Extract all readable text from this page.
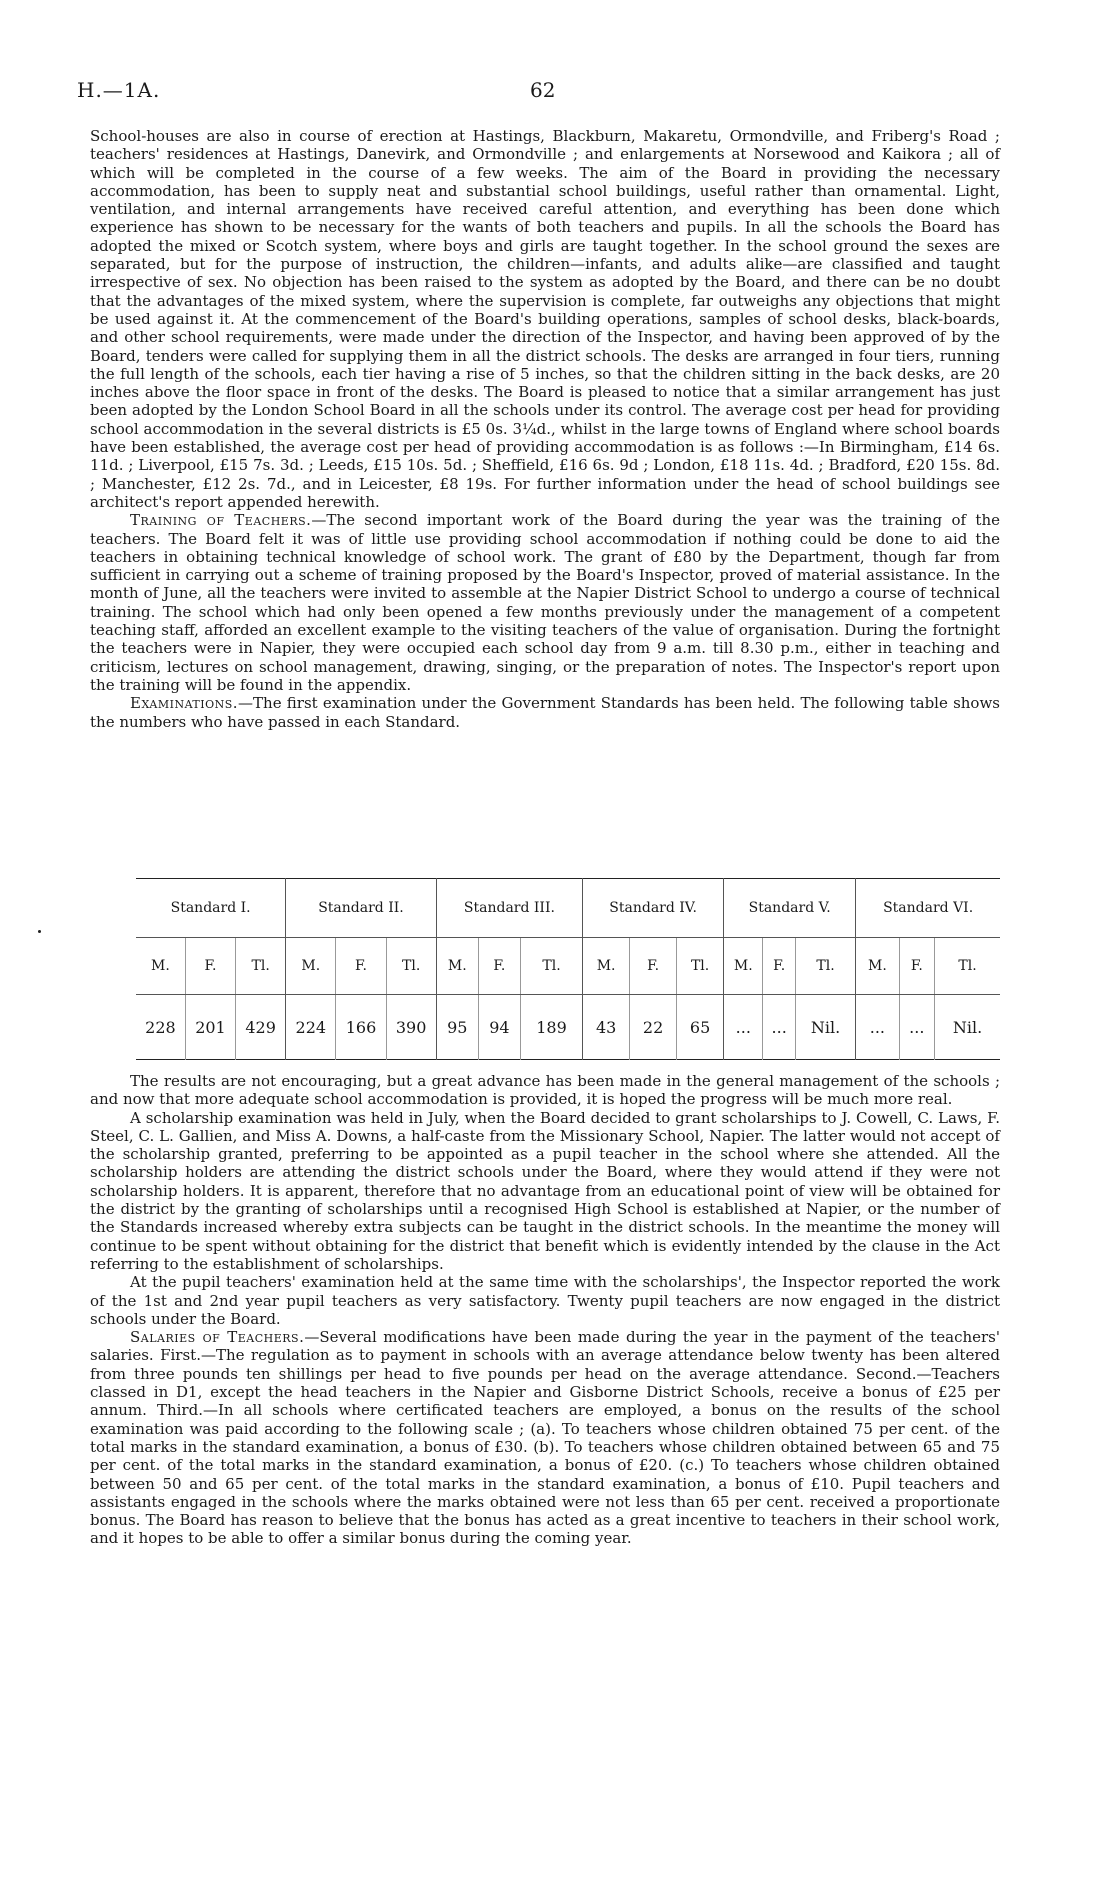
H.—1A.	62

School-houses are also in course of erection at Hastings, Blackburn, Makaretu, Ormondville, and Friberg's Road ; teachers' residences at Hastings, Danevirk, and Ormondville ; and enlargements at Norsewood and Kaikora ; all of which will be completed in the course of a few weeks. The aim of the Board in providing the necessary accommodation, has been to supply neat and substantial school buildings, useful rather than ornamental. Light, ventilation, and internal arrangements have received careful attention, and everything has been done which experience has shown to be necessary for the wants of both teachers and pupils. In all the schools the Board has adopted the mixed or Scotch system, where boys and girls are taught together. In the school ground the sexes are separated, but for the purpose of instruction, the children—infants, and adults alike—are classified and taught irrespective of sex. No objection has been raised to the system as adopted by the Board, and there can be no doubt that the advantages of the mixed system, where the supervision is complete, far outweighs any objections that might be used against it. At the commencement of the Board's building operations, samples of school desks, black-boards, and other school requirements, were made under the direction of the Inspector, and having been approved of by the Board, tenders were called for supplying them in all the district schools. The desks are arranged in four tiers, running the full length of the schools, each tier having a rise of 5 inches, so that the children sitting in the back desks, are 20 inches above the floor space in front of the desks. The Board is pleased to notice that a similar arrangement has just been adopted by the London School Board in all the schools under its control. The average cost per head for providing school accommodation in the several districts is £5 0s. 3¼d., whilst in the large towns of England where school boards have been established, the average cost per head of providing accommodation is as follows :—In Birmingham, £14 6s. 11d. ; Liverpool, £15 7s. 3d. ; Leeds, £15 10s. 5d. ; Sheffield, £16 6s. 9d ; London, £18 11s. 4d. ; Bradford, £20 15s. 8d. ; Manchester, £12 2s. 7d., and in Leicester, £8 19s. For further information under the head of school buildings see architect's report appended herewith.

Training of Teachers.—The second important work of the Board during the year was the training of the teachers. The Board felt it was of little use providing school accommodation if nothing could be done to aid the teachers in obtaining technical knowledge of school work. The grant of £80 by the Department, though far from sufficient in carrying out a scheme of training proposed by the Board's Inspector, proved of material assistance. In the month of June, all the teachers were invited to assemble at the Napier District School to undergo a course of technical training. The school which had only been opened a few months previously under the management of a competent teaching staff, afforded an excellent example to the visiting teachers of the value of organisation. During the fortnight the teachers were in Napier, they were occupied each school day from 9 a.m. till 8.30 p.m., either in teaching and criticism, lectures on school management, drawing, singing, or the preparation of notes. The Inspector's report upon the training will be found in the appendix.

Examinations.—The first examination under the Government Standards has been held. The following table shows the numbers who have passed in each Standard.

Standard I.			Standard II.			Standard III.			Standard IV.			Standard V.			Standard VI.		
M.	F.	Tl.	M.	F.	Tl.	M.	F.	Tl.	M.	F.	Tl.	M.	F.	Tl.	M.	F.	Tl.
228	201	429	224	166	390	95	94	189	43	22	65	...	...	Nil.	...	...	Nil.

The results are not encouraging, but a great advance has been made in the general management of the schools ; and now that more adequate school accommodation is provided, it is hoped the progress will be much more real.

A scholarship examination was held in July, when the Board decided to grant scholarships to J. Cowell, C. Laws, F. Steel, C. L. Gallien, and Miss A. Downs, a half-caste from the Missionary School, Napier. The latter would not accept of the scholarship granted, preferring to be appointed as a pupil teacher in the school where she attended. All the scholarship holders are attending the district schools under the Board, where they would attend if they were not scholarship holders. It is apparent, therefore that no advantage from an educational point of view will be obtained for the district by the granting of scholarships until a recognised High School is established at Napier, or the number of the Standards increased whereby extra subjects can be taught in the district schools. In the meantime the money will continue to be spent without obtaining for the district that benefit which is evidently intended by the clause in the Act referring to the establishment of scholarships.

At the pupil teachers' examination held at the same time with the scholarships', the Inspector reported the work of the 1st and 2nd year pupil teachers as very satisfactory. Twenty pupil teachers are now engaged in the district schools under the Board.

Salaries of Teachers.—Several modifications have been made during the year in the payment of the teachers' salaries. First.—The regulation as to payment in schools with an average attendance below twenty has been altered from three pounds ten shillings per head to five pounds per head on the average attendance. Second.—Teachers classed in D1, except the head teachers in the Napier and Gisborne District Schools, receive a bonus of £25 per annum. Third.—In all schools where certificated teachers are employed, a bonus on the results of the school examination was paid according to the following scale ; (a). To teachers whose children obtained 75 per cent. of the total marks in the standard examination, a bonus of £30. (b). To teachers whose children obtained between 65 and 75 per cent. of the total marks in the standard examination, a bonus of £20. (c.) To teachers whose children obtained between 50 and 65 per cent. of the total marks in the standard examination, a bonus of £10. Pupil teachers and assistants engaged in the schools where the marks obtained were not less than 65 per cent. received a proportionate bonus. The Board has reason to believe that the bonus has acted as a great incentive to teachers in their school work, and it hopes to be able to offer a similar bonus during the coming year.
